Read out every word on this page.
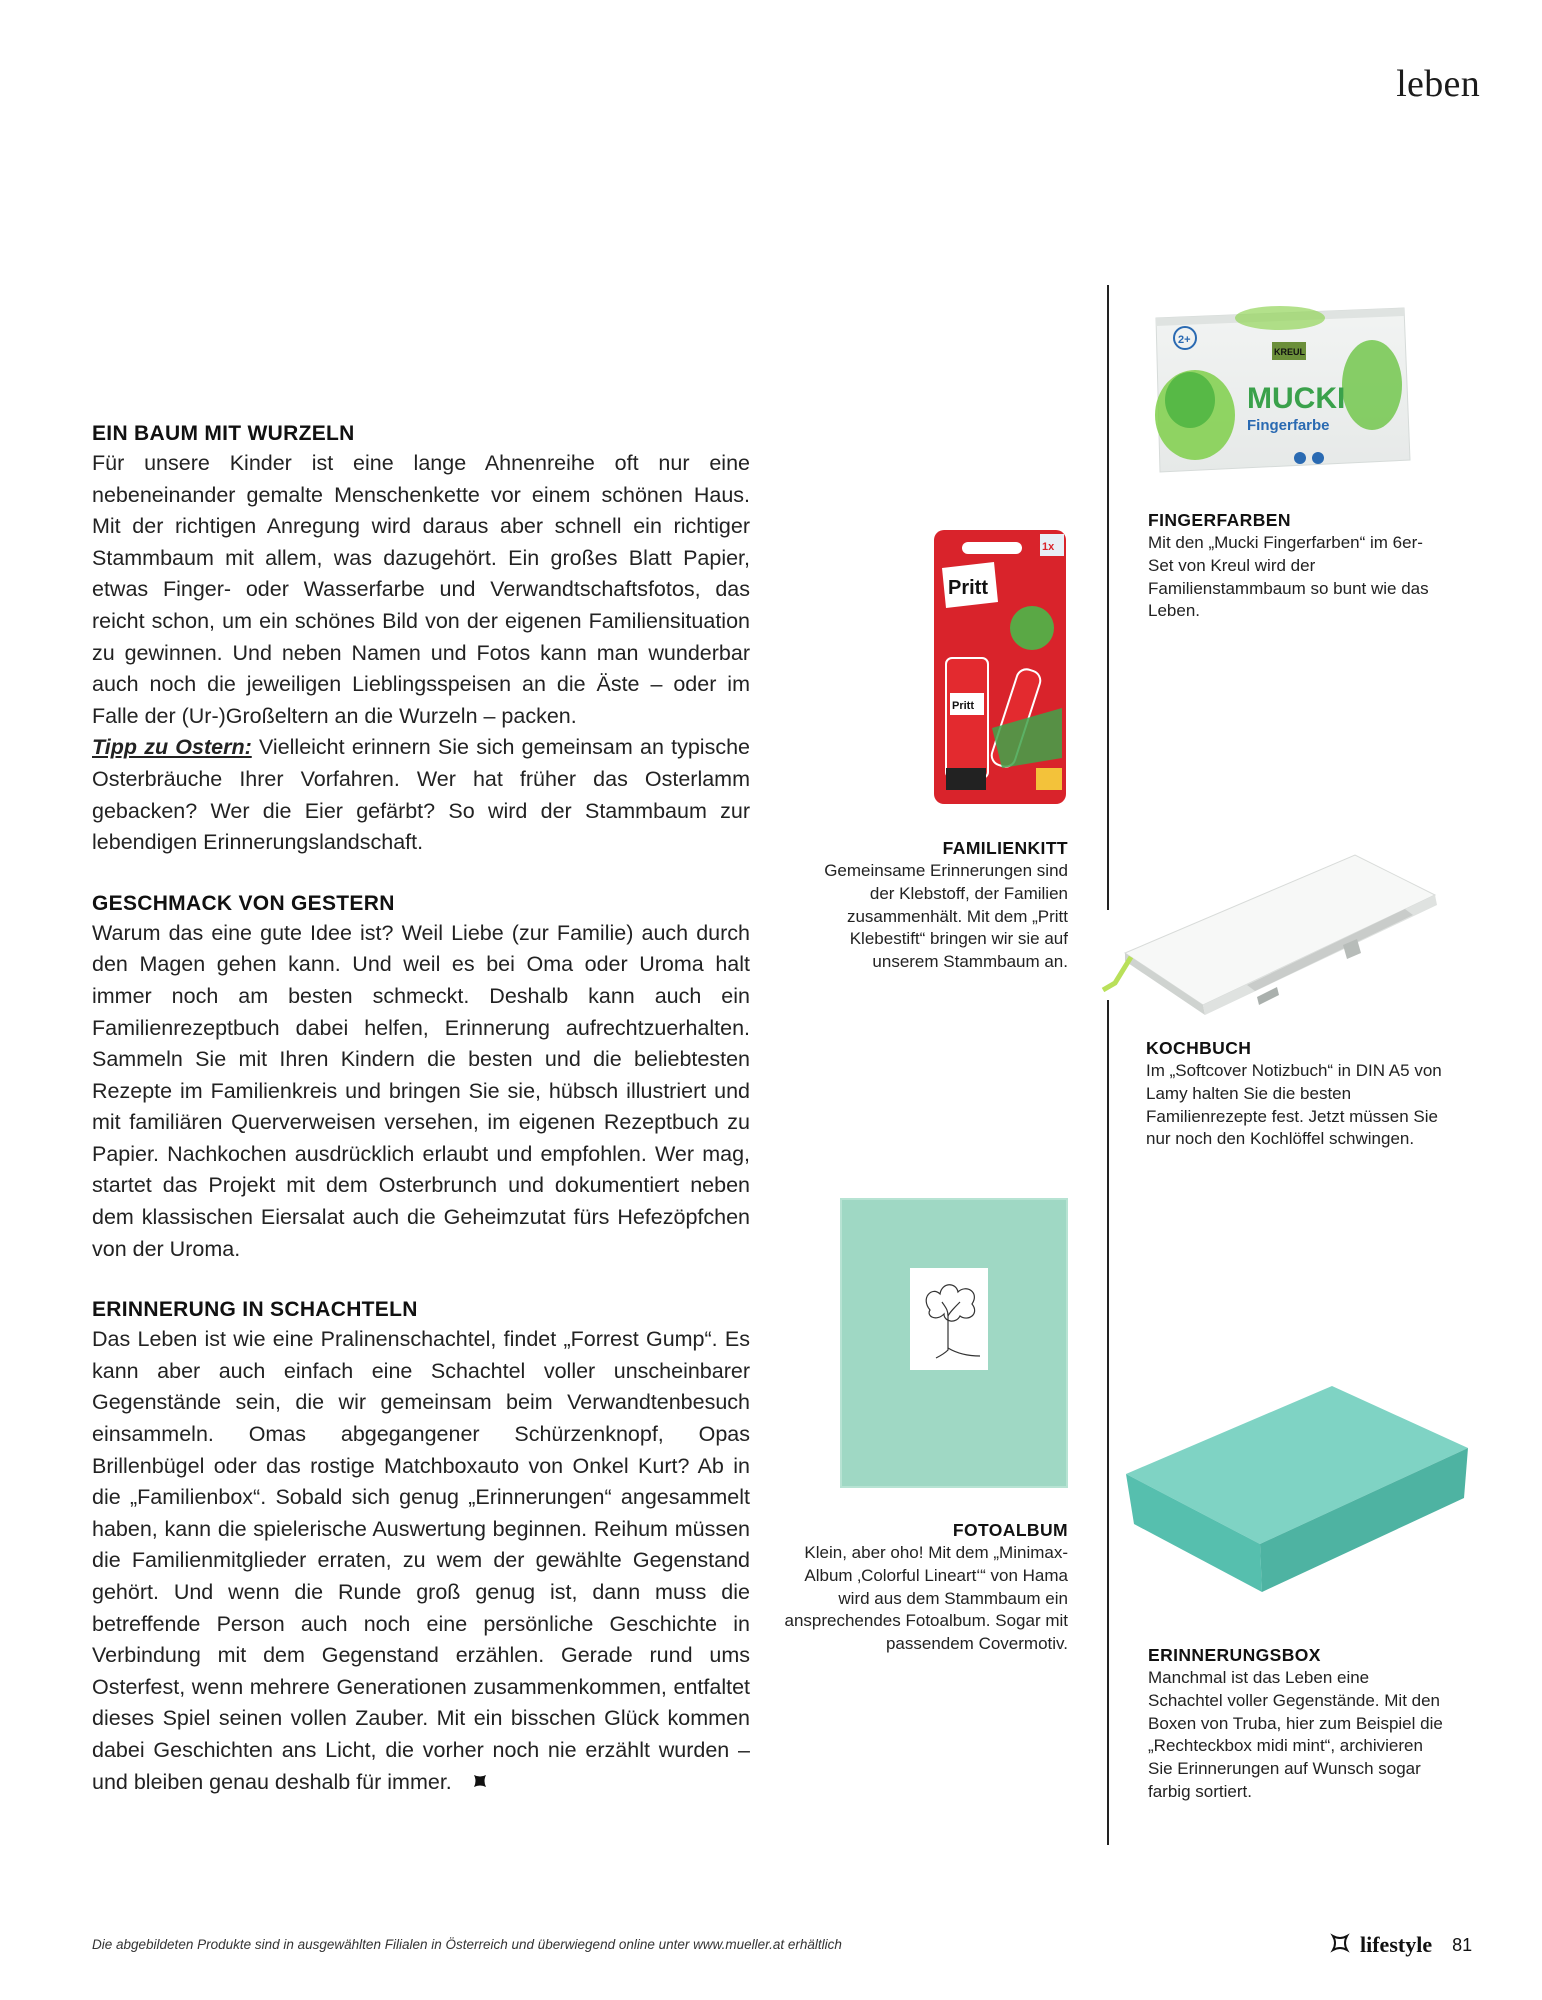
leben
EIN BAUM MIT WURZELN

Für unsere Kinder ist eine lange Ahnenreihe oft nur eine nebeneinander gemalte Menschenkette vor einem schönen Haus. Mit der richtigen Anregung wird daraus aber schnell ein richtiger Stammbaum mit allem, was dazugehört. Ein großes Blatt Papier, etwas Finger- oder Wasserfarbe und Verwandtschaftsfotos, das reicht schon, um ein schönes Bild von der eigenen Familiensituation zu gewinnen. Und neben Namen und Fotos kann man wunderbar auch noch die jeweiligen Lieblingsspeisen an die Äste – oder im Falle der (Ur-)Großeltern an die Wurzeln – packen.
Tipp zu Ostern: Vielleicht erinnern Sie sich gemeinsam an typische Osterbräuche Ihrer Vorfahren. Wer hat früher das Osterlamm gebacken? Wer die Eier gefärbt? So wird der Stammbaum zur lebendigen Erinnerungslandschaft.

GESCHMACK VON GESTERN

Warum das eine gute Idee ist? Weil Liebe (zur Familie) auch durch den Magen gehen kann. Und weil es bei Oma oder Uroma halt immer noch am besten schmeckt. Deshalb kann auch ein Familienrezeptbuch dabei helfen, Erinnerung aufrechtzuerhalten. Sammeln Sie mit Ihren Kindern die besten und die beliebtesten Rezepte im Familienkreis und bringen Sie sie, hübsch illustriert und mit familiären Querverweisen versehen, im eigenen Rezeptbuch zu Papier. Nachkochen ausdrücklich erlaubt und empfohlen. Wer mag, startet das Projekt mit dem Osterbrunch und dokumentiert neben dem klassischen Eiersalat auch die Geheimzutat fürs Hefezöpfchen von der Uroma.

ERINNERUNG IN SCHACHTELN

Das Leben ist wie eine Pralinenschachtel, findet „Forrest Gump“. Es kann aber auch einfach eine Schachtel voller unscheinbarer Gegenstände sein, die wir gemeinsam beim Verwandtenbesuch einsammeln. Omas abgegangener Schürzenknopf, Opas Brillenbügel oder das rostige Matchboxauto von Onkel Kurt? Ab in die „Familienbox“. Sobald sich genug „Erinnerungen“ angesammelt haben, kann die spielerische Auswertung beginnen. Reihum müssen die Familienmitglieder erraten, zu wem der gewählte Gegenstand gehört. Und wenn die Runde groß genug ist, dann muss die betreffende Person auch noch eine persönliche Geschichte in Verbindung mit dem Gegenstand erzählen. Gerade rund ums Osterfest, wenn mehrere Generationen zusammenkommen, entfaltet dieses Spiel seinen vollen Zauber. Mit ein bisschen Glück kommen dabei Geschichten ans Licht, die vorher noch nie erzählt wurden – und bleiben genau deshalb für immer.

2+
KREUL
MUCKI
Fingerfarbe
FINGERFARBEN

Mit den „Mucki Fingerfarben“ im 6er-Set von Kreul wird der Familienstammbaum so bunt wie das Leben.

1x
Pritt
Pritt
FAMILIENKITT

Gemeinsame Erinnerungen sind der Klebstoff, der Familien zusammenhält. Mit dem „Pritt Klebestift“ bringen wir sie auf unserem Stammbaum an.

KOCHBUCH

Im „Softcover Notizbuch“ in DIN A5 von Lamy halten Sie die besten Familienrezepte fest. Jetzt müssen Sie nur noch den Kochlöffel schwingen.

FOTOALBUM

Klein, aber oho! Mit dem „Minimax-Album ‚Colorful Lineart‘“ von Hama wird aus dem Stammbaum ein ansprechendes Fotoalbum. Sogar mit passendem Covermotiv.

ERINNERUNGSBOX

Manchmal ist das Leben eine Schachtel voller Gegenstände. Mit den Boxen von Truba, hier zum Beispiel die „Rechteckbox midi mint“, archivieren Sie Erinnerungen auf Wunsch sogar farbig sortiert.

Die abgebildeten Produkte sind in ausgewählten Filialen in Österreich und überwiegend online unter www.mueller.at erhältlich	lifestyle 81
